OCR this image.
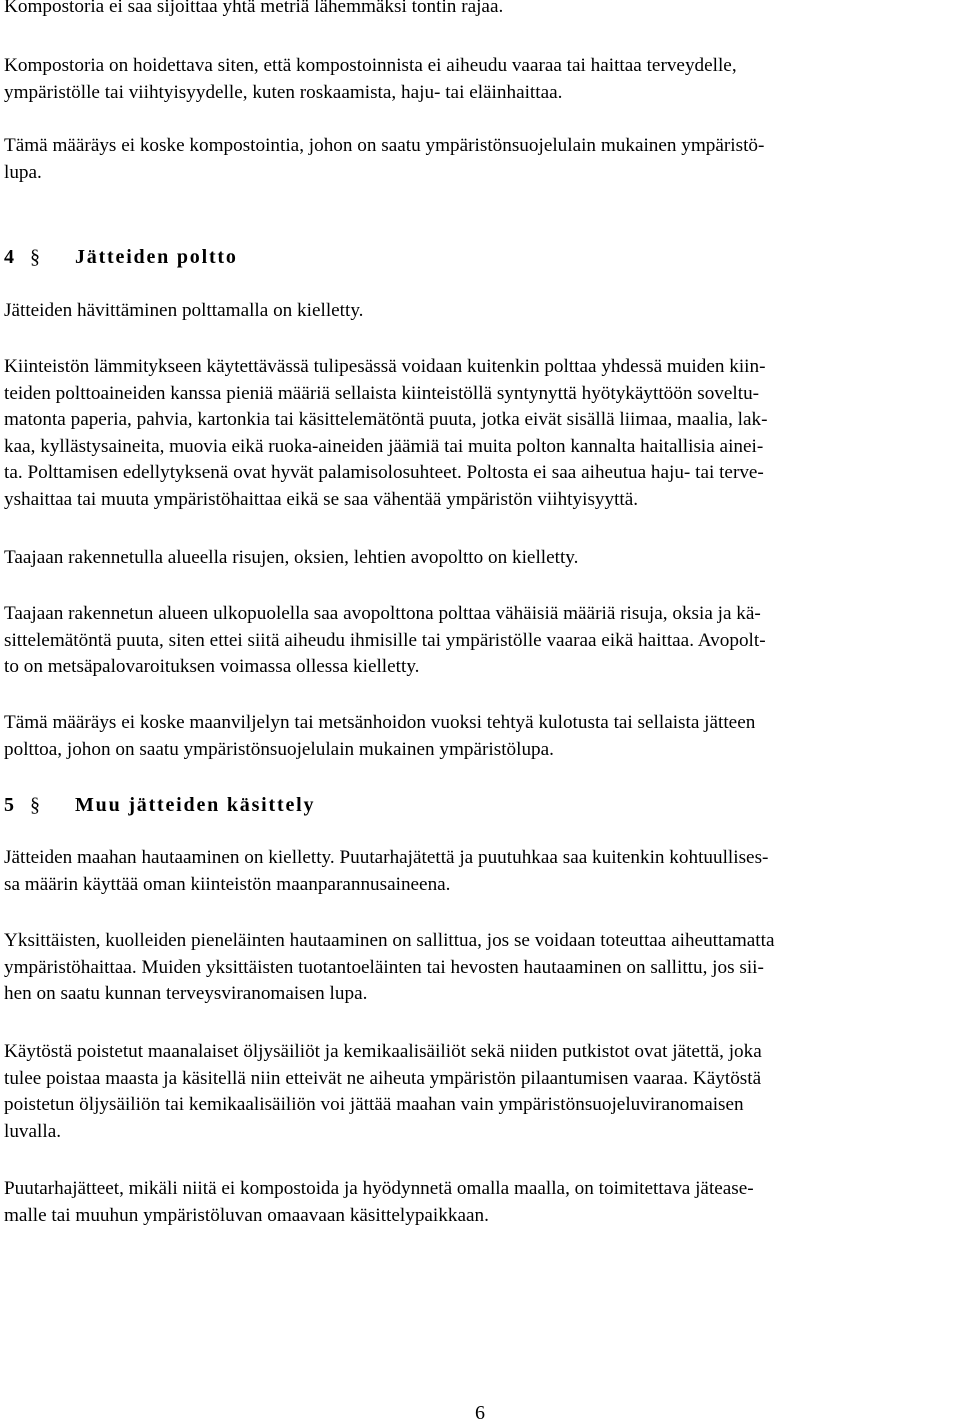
Kompostoria ei saa sijoittaa yhtä metriä lähemmäksi tontin rajaa.

Kompostoria on hoidettava siten, että kompostoinnista ei aiheudu vaaraa tai haittaa terveydelle,
ympäristölle tai viihtyisyydelle, kuten roskaamista, haju- tai eläinhaittaa.

Tämä määräys ei koske kompostointia, johon on saatu ympäristönsuojelulain mukainen ympäristö-
lupa.

4 § Jätteiden poltto

Jätteiden hävittäminen polttamalla on kielletty.

Kiinteistön lämmitykseen käytettävässä tulipesässä voidaan kuitenkin polttaa yhdessä muiden kiin-
teiden polttoaineiden kanssa pieniä määriä sellaista kiinteistöllä syntynyttä hyötykäyttöön soveltu-
matonta paperia, pahvia, kartonkia tai käsittelemätöntä puuta, jotka eivät sisällä liimaa, maalia, lak-
kaa, kyllästysaineita, muovia eikä ruoka-aineiden jäämiä tai muita polton kannalta haitallisia ainei-
ta. Polttamisen edellytyksenä ovat hyvät palamisolosuhteet. Poltosta ei saa aiheutua haju- tai terve-
yshaittaa tai muuta ympäristöhaittaa eikä se saa vähentää ympäristön viihtyisyyttä.

Taajaan rakennetulla alueella risujen, oksien, lehtien avopoltto on kielletty.

Taajaan rakennetun alueen ulkopuolella saa avopolttona polttaa vähäisiä määriä risuja, oksia ja kä-
sittelemätöntä puuta, siten ettei siitä aiheudu ihmisille tai ympäristölle vaaraa eikä haittaa. Avopolt-
to on metsäpalovaroituksen voimassa ollessa kielletty.

Tämä määräys ei koske maanviljelyn tai metsänhoidon vuoksi tehtyä kulotusta tai sellaista jätteen
polttoa, johon on saatu ympäristönsuojelulain mukainen ympäristölupa.

5 § Muu jätteiden käsittely

Jätteiden maahan hautaaminen on kielletty. Puutarhajätettä ja puutuhkaa saa kuitenkin kohtuullises-
sa määrin käyttää oman kiinteistön maanparannusaineena.

Yksittäisten, kuolleiden pieneläinten hautaaminen on sallittua, jos se voidaan toteuttaa aiheuttamatta
ympäristöhaittaa. Muiden yksittäisten tuotantoeläinten tai hevosten hautaaminen on sallittu, jos sii-
hen on saatu kunnan terveysviranomaisen lupa.

Käytöstä poistetut maanalaiset öljysäiliöt ja kemikaalisäiliöt sekä niiden putkistot ovat jätettä, joka
tulee poistaa maasta ja käsitellä niin etteivät ne aiheuta ympäristön pilaantumisen vaaraa. Käytöstä
poistetun öljysäiliön tai kemikaalisäiliön voi jättää maahan vain ympäristönsuojeluviranomaisen
luvalla.

Puutarhajätteet, mikäli niitä ei kompostoida ja hyödynnetä omalla maalla, on toimitettava jätease-
malle tai muuhun ympäristöluvan omaavaan käsittelypaikkaan.

6
